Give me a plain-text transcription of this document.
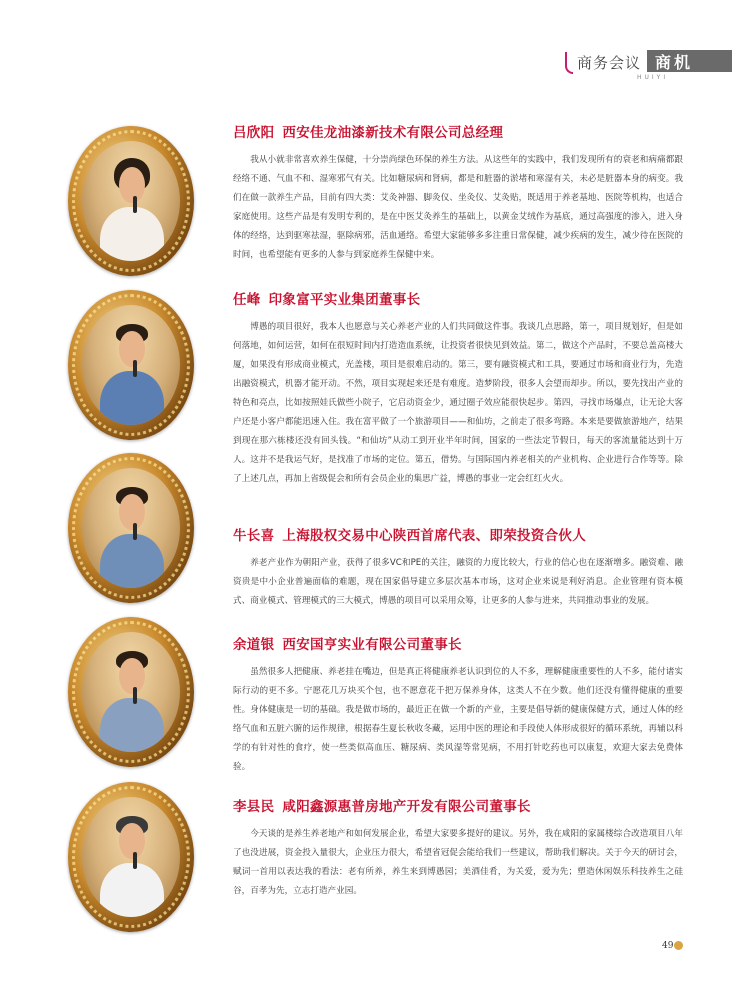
商务会议 商机
HUIYI
吕欣阳 西安佳龙油漆新技术有限公司总经理

我从小就非常喜欢养生保健，十分崇尚绿色环保的养生方法。从这些年的实践中，我们发现所有的衰老和病痛都跟经络不通、气血不和、湿寒邪气有关。比如糖尿病和肾病，都是和脏器的淤堵和寒湿有关，未必是脏器本身的病变。我们在做一款养生产品，目前有四大类：艾灸神器、脚灸仪、坐灸仪、艾灸贴，既适用于养老基地、医院等机构，也适合家庭使用。这些产品是有发明专利的，是在中医艾灸养生的基础上，以黄金艾绒作为基底，通过高强度的渗入，进入身体的经络，达到驱寒祛湿，驱除病邪，活血通络。希望大家能够多多注重日常保健，减少疾病的发生，减少待在医院的时间，也希望能有更多的人参与到家庭养生保健中来。

任峰 印象富平实业集团董事长

博愚的项目很好，我本人也愿意与关心养老产业的人们共同做这件事。我谈几点思路，第一，项目规划好，但是如何落地，如何运营，如何在很短时间内打造造血系统，让投资者很快见到效益。第二，做这个产品时，不要总盖高楼大厦，如果没有形成商业模式，光盖楼，项目是很难启动的。第三，要有融资模式和工具，要通过市场和商业行为，先造出融资模式，机器才能开动。不然，项目实现起来还是有难度。造梦阶段，很多人会望而却步。所以，要先找出产业的特色和亮点，比如按照娃氏做些小院子，它启动资金少，通过圈子效应能很快起步。第四，寻找市场爆点，让无论大客户还是小客户都能迅速入住。我在富平做了一个旅游项目——和仙坊，之前走了很多弯路。本来是要做旅游地产，结果到现在那六栋楼还没有回头钱。“和仙坊”从动工到开业半年时间，国家的一些法定节假日，每天的客流量能达到十万人。这并不是我运气好，是找准了市场的定位。第五，借势。与国际国内养老相关的产业机构、企业进行合作等等。除了上述几点，再加上省级促会和所有会员企业的集思广益，博愚的事业一定会红红火火。

牛长喜 上海股权交易中心陕西首席代表、即荣投资合伙人

养老产业作为朝阳产业，获得了很多VC和PE的关注，融资的力度比较大，行业的信心也在逐渐增多。融资难、融资贵是中小企业普遍面临的难题，现在国家倡导建立多层次基本市场，这对企业来说是利好消息。企业管理有资本模式、商业模式、管理模式的三大模式，博愚的项目可以采用众筹，让更多的人参与进来，共同推动事业的发展。

余道银 西安国亨实业有限公司董事长

虽然很多人把健康、养老挂在嘴边，但是真正将健康养老认识到位的人不多，理解健康重要性的人不多，能付诸实际行动的更不多。宁愿花几万块买个包，也不愿意花千把万保养身体，这类人不在少数。他们还没有懂得健康的重要性。身体健康是一切的基础。我是做市场的，最近正在做一个新的产业，主要是倡导新的健康保健方式，通过人体的经络气血和五脏六腑的运作规律，根据春生夏长秋收冬藏，运用中医的理论和手段使人体形成很好的循环系统，再辅以科学的有针对性的食疗，使一些类似高血压、糖尿病、类风湿等常见病，不用打针吃药也可以康复，欢迎大家去免费体验。

李县民 咸阳鑫源惠普房地产开发有限公司董事长

今天谈的是养生养老地产和如何发展企业，希望大家要多提好的建议。另外，我在咸阳的家属楼综合改造项目八年了也没进展，资金投入量很大，企业压力很大，希望省冠促会能给我们一些建议，帮助我们解决。关于今天的研讨会，赋词一首用以表达我的看法：老有所养，养生来到博愚园；美酒佳肴，为关爱，爱为先；塑造休闲娱乐科技养生之硅谷，百孝为先，立志打造产业园。

49
